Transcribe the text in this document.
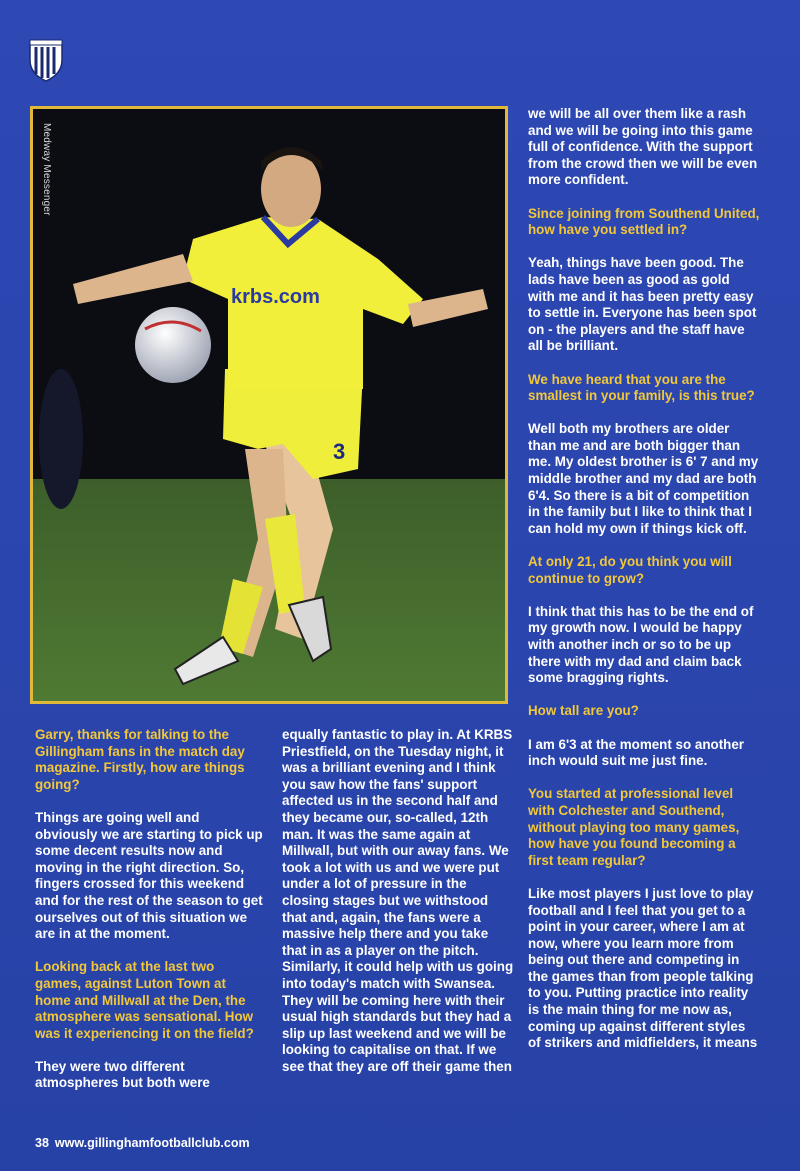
krbs.com
3
Medway Messenger

Garry, thanks for talking to the Gillingham fans in the match day magazine. Firstly, how are things going?

Things are going well and obviously we are starting to pick up some decent results now and moving in the right direction. So, fingers crossed for this weekend and for the rest of the season to get ourselves out of this situation we are in at the moment.

Looking back at the last two games, against Luton Town at home and Millwall at the Den, the atmosphere was sensational. How was it experiencing it on the field?

They were two different atmospheres but both were

equally fantastic to play in. At KRBS Priestfield, on the Tuesday night, it was a brilliant evening and I think you saw how the fans' support affected us in the second half and they became our, so-called, 12th man. It was the same again at Millwall, but with our away fans. We took a lot with us and we were put under a lot of pressure in the closing stages but we withstood that and, again, the fans were a massive help there and you take that in as a player on the pitch.
Similarly, it could help with us going into today's match with Swansea. They will be coming here with their usual high standards but they had a slip up last weekend and we will be looking to capitalise on that. If we see that they are off their game then

we will be all over them like a rash and we will be going into this game full of confidence. With the support from the crowd then we will be even more confident.

Since joining from Southend United, how have you settled in?

Yeah, things have been good. The lads have been as good as gold with me and it has been pretty easy to settle in. Everyone has been spot on - the players and the staff have all be brilliant.

We have heard that you are the smallest in your family, is this true?

Well both my brothers are older than me and are both bigger than me. My oldest brother is 6' 7 and my middle brother and my dad are both 6'4. So there is a bit of competition in the family but I like to think that I can hold my own if things kick off.

At only 21, do you think you will continue to grow?

I think that this has to be the end of my growth now. I would be happy with another inch or so to be up there with my dad and claim back some bragging rights.

How tall are you?

I am 6'3 at the moment so another inch would suit me just fine.

You started at professional level with Colchester and Southend, without playing too many games, how have you found becoming a first team regular?

Like most players I just love to play football and I feel that you get to a point in your career, where I am at now, where you learn more from being out there and competing in the games than from people talking to you. Putting practice into reality is the main thing for me now as, coming up against different styles of strikers and midfielders, it means

38 www.gillinghamfootballclub.com
